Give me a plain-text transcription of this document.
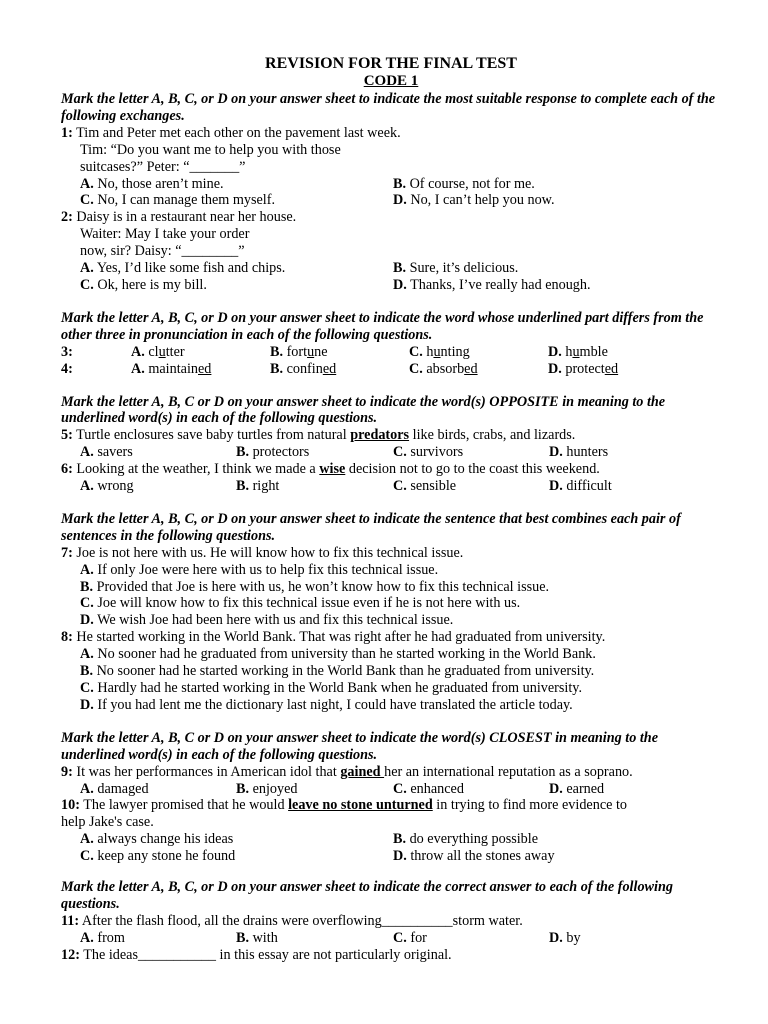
REVISION FOR THE FINAL TEST

CODE 1

Mark the letter A, B, C, or D on your answer sheet to indicate the most suitable response to complete each of the following exchanges.

1: Tim and Peter met each other on the pavement last week.

Tim: “Do you want me to help you with those

suitcases?” Peter: “_______”

A. No, those aren’t mine.	B. Of course, not for me.
C. No, I can manage them myself.	D. No, I can’t help you now.

2: Daisy is in a restaurant near her house.

Waiter: May I take your order

now, sir? Daisy: “________”

A. Yes, I’d like some fish and chips.	B. Sure, it’s delicious.
C. Ok, here is my bill.	D. Thanks, I’ve really had enough.

Mark the letter A, B, C, or D on your answer sheet to indicate the word whose underlined part differs from the other three in pronunciation in each of the following questions.

3:	A. clutter	B. fortune	C. hunting	D. humble
4:	A. maintained	B. confined	C. absorbed	D. protected

Mark the letter A, B, C or D on your answer sheet to indicate the word(s) OPPOSITE in meaning to the underlined word(s) in each of the following questions.

5: Turtle enclosures save baby turtles from natural predators like birds, crabs, and lizards.

A. savers	B. protectors	C. survivors	D. hunters

6: Looking at the weather, I think we made a wise decision not to go to the coast this weekend.

A. wrong	B. right	C. sensible	D. difficult

Mark the letter A, B, C, or D on your answer sheet to indicate the sentence that best combines each pair of sentences in the following questions.

7: Joe is not here with us. He will know how to fix this technical issue.

A. If only Joe were here with us to help fix this technical issue.

B. Provided that Joe is here with us, he won’t know how to fix this technical issue.

C. Joe will know how to fix this technical issue even if he is not here with us.

D. We wish Joe had been here with us and fix this technical issue.

8: He started working in the World Bank. That was right after he had graduated from university.

A. No sooner had he graduated from university than he started working in the World Bank.

B. No sooner had he started working in the World Bank than he graduated from university.

C. Hardly had he started working in the World Bank when he graduated from university.

D. If you had lent me the dictionary last night, I could have translated the article today.

Mark the letter A, B, C or D on your answer sheet to indicate the word(s) CLOSEST in meaning to the underlined word(s) in each of the following questions.

9: It was her performances in American idol that gained her an international reputation as a soprano.

A. damaged	B. enjoyed	C. enhanced	D. earned

10: The lawyer promised that he would leave no stone unturned in trying to find more evidence to

help Jake's case.

A. always change his ideas	B. do everything possible
C. keep any stone he found	D. throw all the stones away

Mark the letter A, B, C, or D on your answer sheet to indicate the correct answer to each of the following questions.

11: After the flash flood, all the drains were overflowing__________storm water.

A. from	B. with	C. for	D. by

12: The ideas___________ in this essay are not particularly original.
